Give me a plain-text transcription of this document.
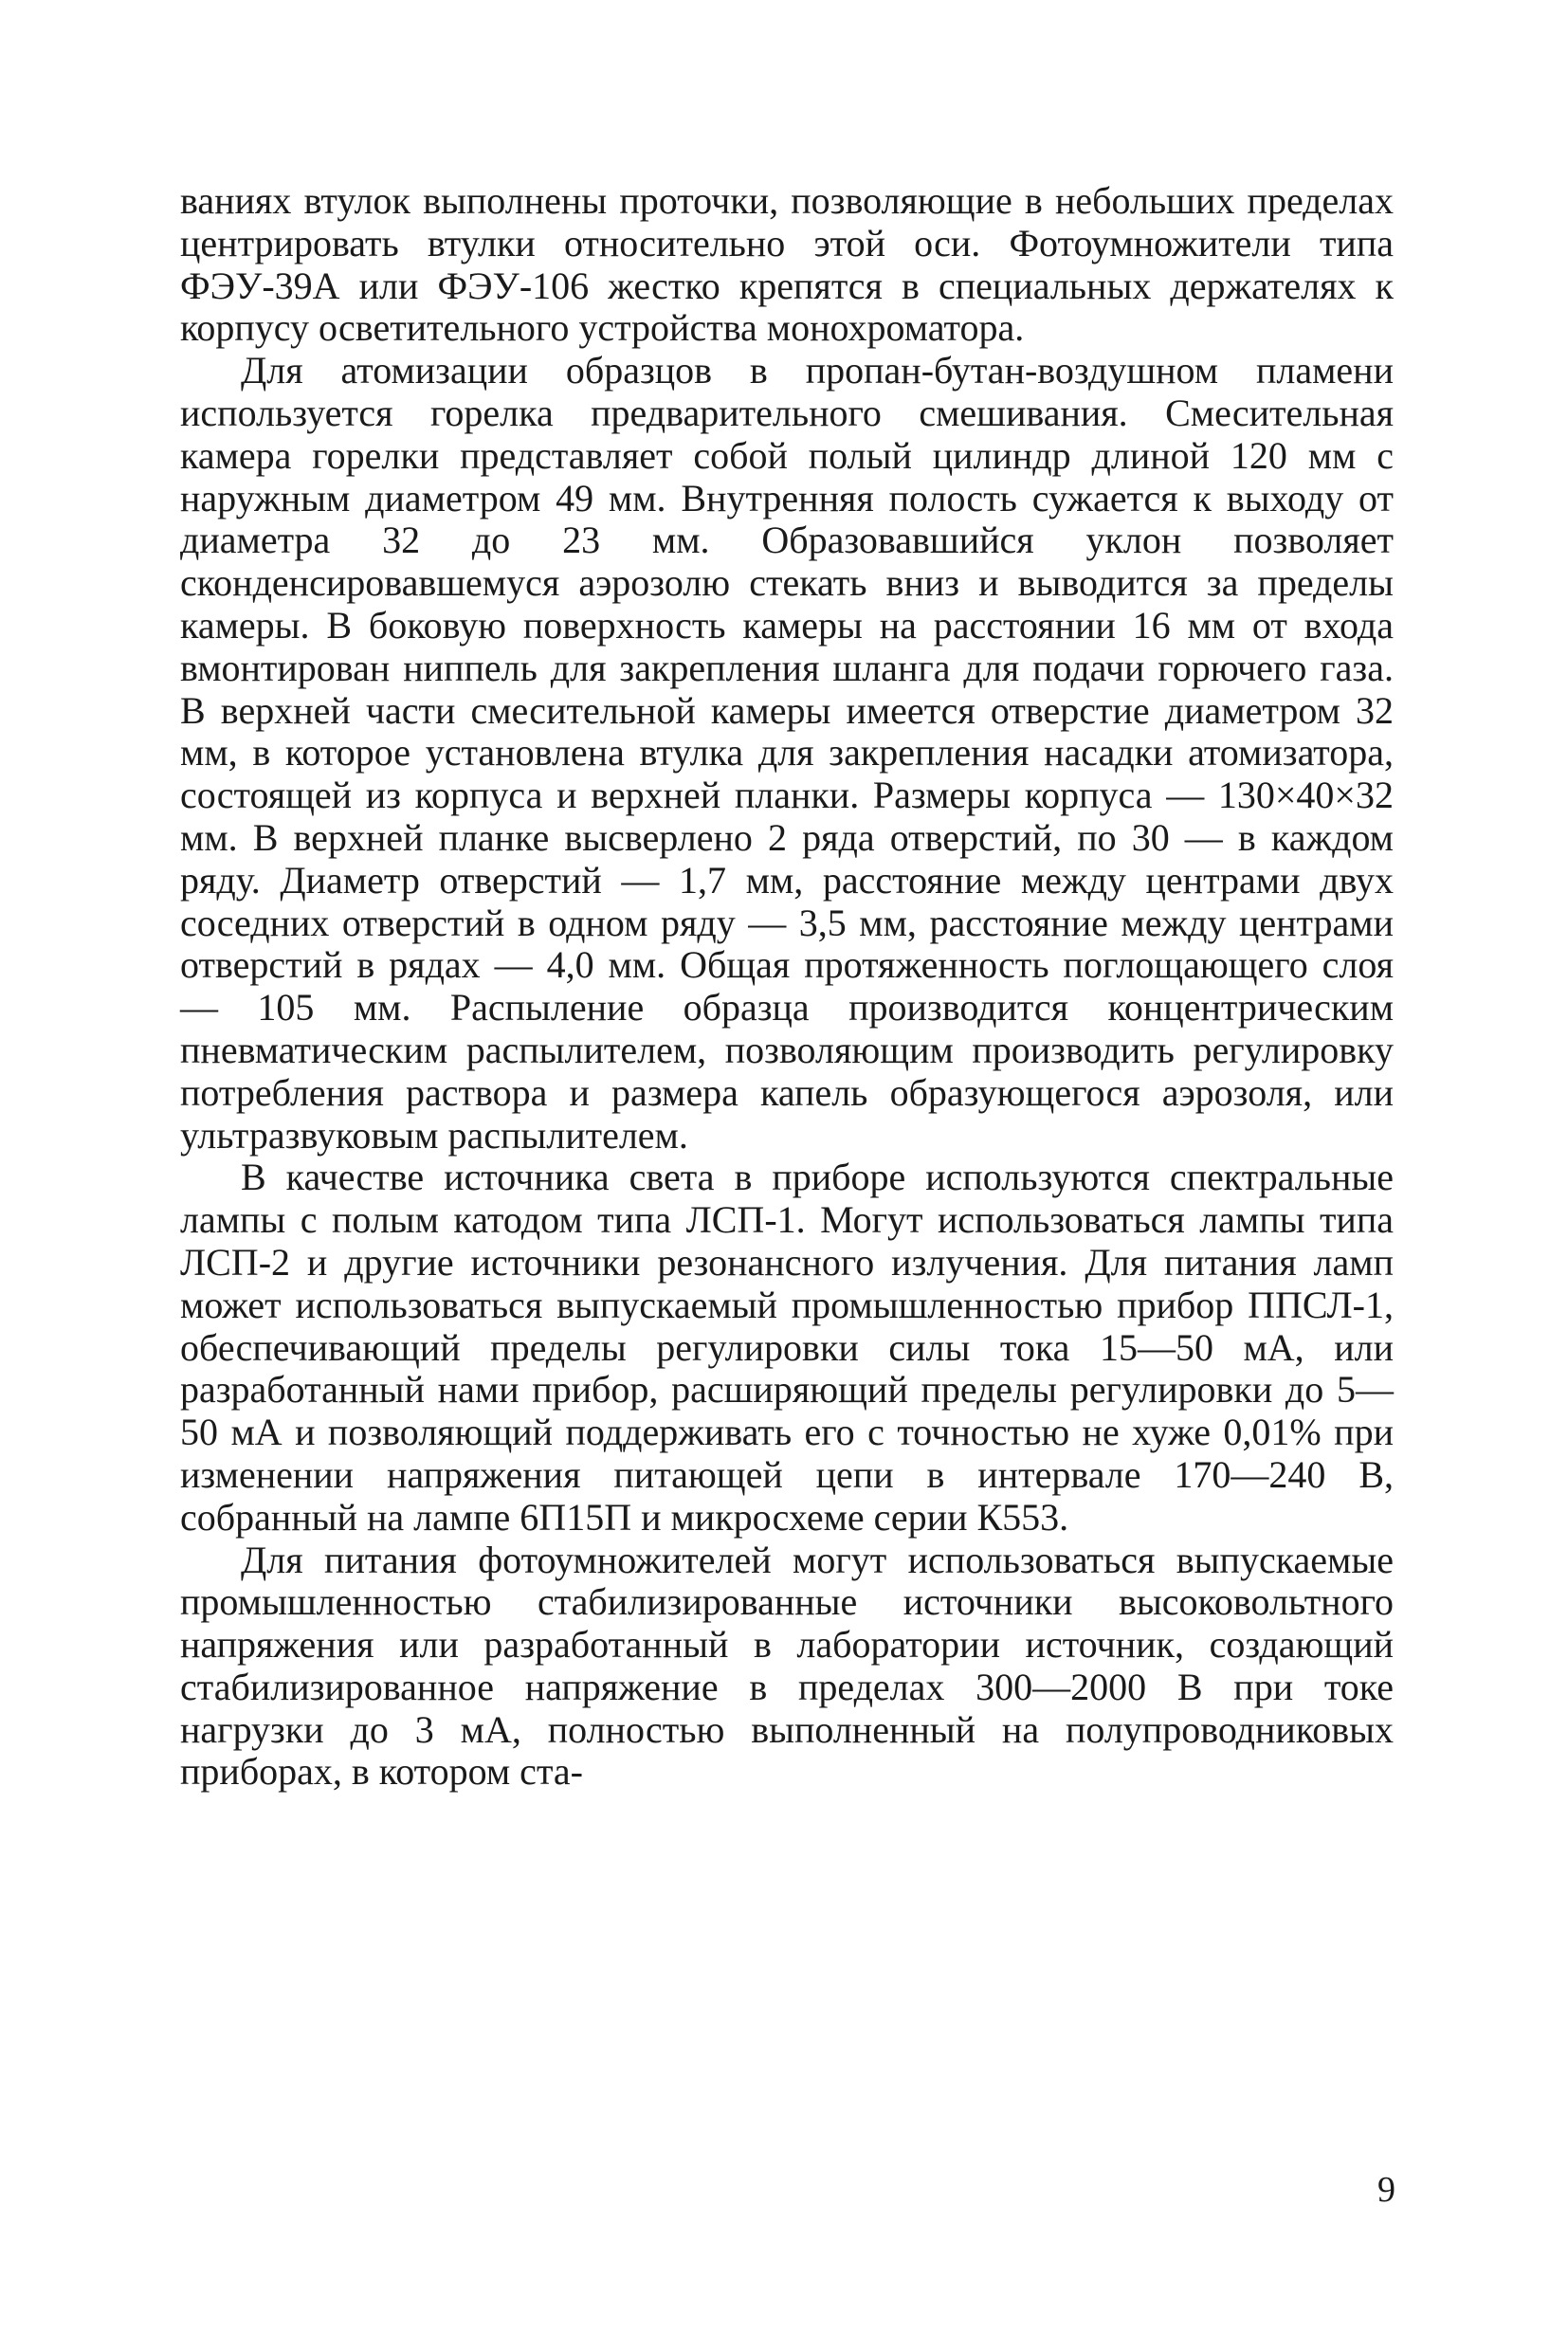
ваниях втулок выполнены проточки, позволяющие в небольших пределах центрировать втулки относительно этой оси. Фотоумножители типа ФЭУ-39А или ФЭУ-106 жестко крепятся в специальных держателях к корпусу осветительного устройства монохроматора.

Для атомизации образцов в пропан-бутан-воздушном пламени используется горелка предварительного смешивания. Смесительная камера горелки представляет собой полый цилиндр длиной 120 мм с наружным диаметром 49 мм. Внутренняя полость сужается к выходу от диаметра 32 до 23 мм. Образовавшийся уклон позволяет сконденсировавшемуся аэрозолю стекать вниз и выводится за пределы камеры. В боковую поверхность камеры на расстоянии 16 мм от входа вмонтирован ниппель для закрепления шланга для подачи горючего газа. В верхней части смесительной камеры имеется отверстие диаметром 32 мм, в которое установлена втулка для закрепления насадки атомизатора, состоящей из корпуса и верхней планки. Размеры корпуса — 130×40×32 мм. В верхней планке высверлено 2 ряда отверстий, по 30 — в каждом ряду. Диаметр отверстий — 1,7 мм, расстояние между центрами двух соседних отверстий в одном ряду — 3,5 мм, расстояние между центрами отверстий в рядах — 4,0 мм. Общая протяженность поглощающего слоя — 105 мм. Распыление образца производится концентрическим пневматическим распылителем, позволяющим производить регулировку потребления раствора и размера капель образующегося аэрозоля, или ультразвуковым распылителем.

В качестве источника света в приборе используются спектральные лампы с полым катодом типа ЛСП-1. Могут использоваться лампы типа ЛСП-2 и другие источники резонансного излучения. Для питания ламп может использоваться выпускаемый промышленностью прибор ППСЛ-1, обеспечивающий пределы регулировки силы тока 15—50 мА, или разработанный нами прибор, расширяющий пределы регулировки до 5—50 мА и позволяющий поддерживать его с точностью не хуже 0,01% при изменении напряжения питающей цепи в интервале 170—240 В, собранный на лампе 6П15П и микросхеме серии К553.

Для питания фотоумножителей могут использоваться выпускаемые промышленностью стабилизированные источники высоковольтного напряжения или разработанный в лаборатории источник, создающий стабилизированное напряжение в пределах 300—2000 В при токе нагрузки до 3 мА, полностью выполненный на полупроводниковых приборах, в котором ста-

9
